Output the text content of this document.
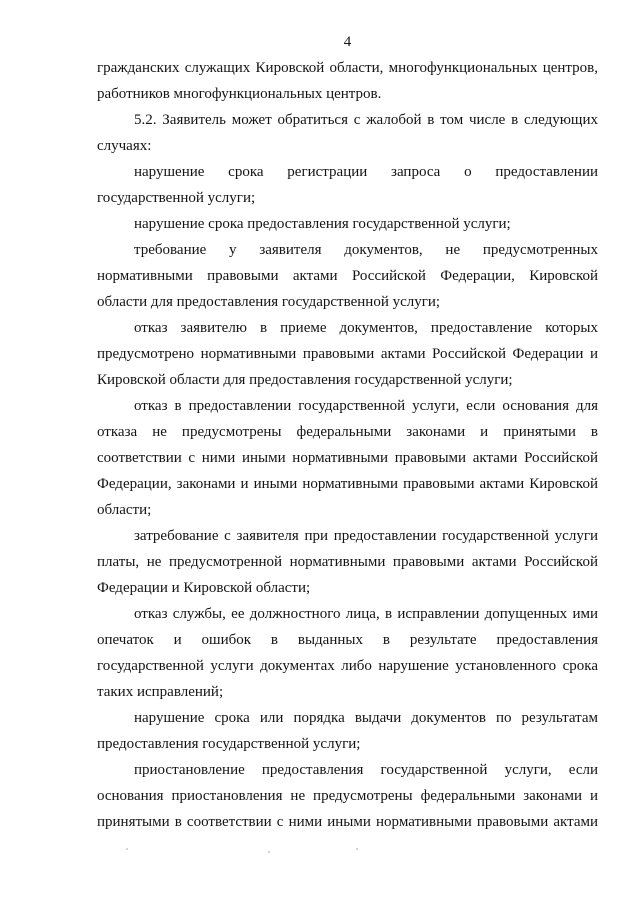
4
гражданских служащих Кировской области, многофункциональных центров,
работников многофункциональных центров.
5.2. Заявитель может обратиться с жалобой в том числе в следующих
случаях:
нарушение срока регистрации запроса о предоставлении
государственной услуги;
нарушение срока предоставления государственной услуги;
требование у заявителя документов, не предусмотренных
нормативными правовыми актами Российской Федерации, Кировской
области для предоставления государственной услуги;
отказ заявителю в приеме документов, предоставление которых
предусмотрено нормативными правовыми актами Российской Федерации и
Кировской области для предоставления государственной услуги;
отказ в предоставлении государственной услуги, если основания для
отказа не предусмотрены федеральными законами и принятыми в
соответствии с ними иными нормативными правовыми актами Российской
Федерации, законами и иными нормативными правовыми актами Кировской
области;
затребование с заявителя при предоставлении государственной услуги
платы, не предусмотренной нормативными правовыми актами Российской
Федерации и Кировской области;
отказ службы, ее должностного лица, в исправлении допущенных ими
опечаток и ошибок в выданных в результате предоставления
государственной услуги документах либо нарушение установленного срока
таких исправлений;
нарушение срока или порядка выдачи документов по результатам
предоставления государственной услуги;
приостановление предоставления государственной услуги, если
основания приостановления не предусмотрены федеральными законами и
принятыми в соответствии с ними иными нормативными правовыми актами
